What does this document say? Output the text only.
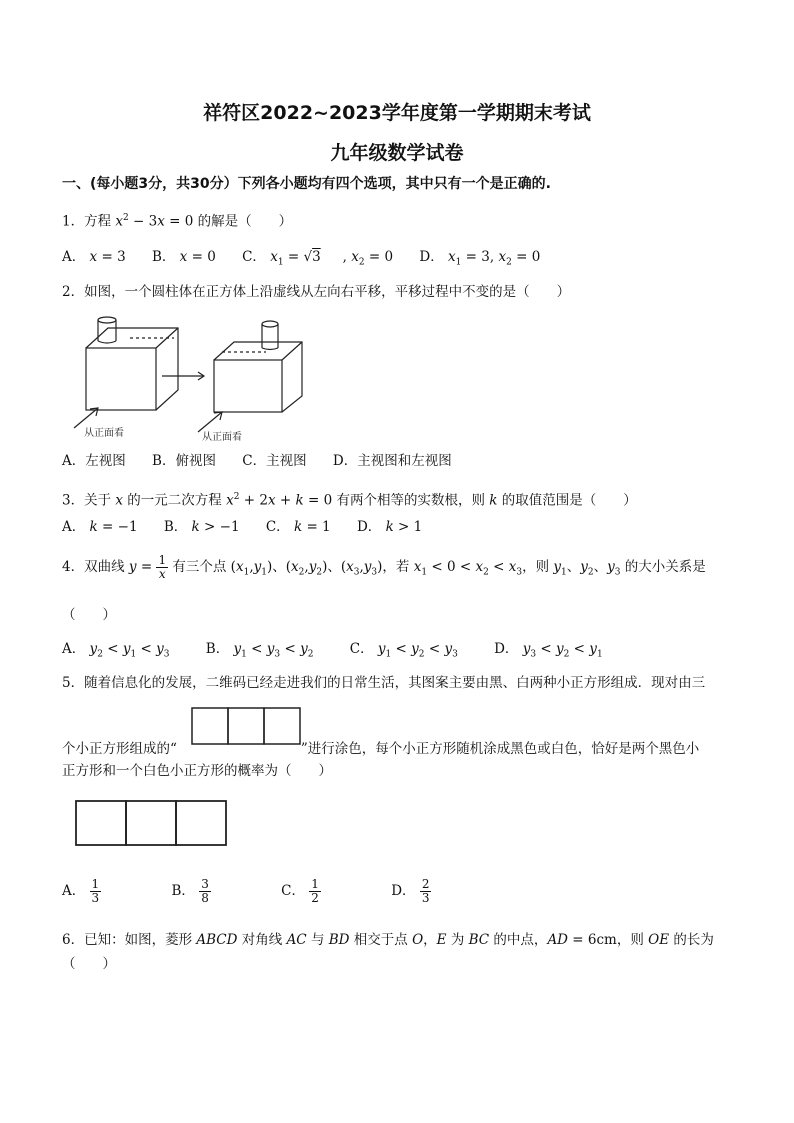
祥符区2022~2023学年度第一学期期末考试
九年级数学试卷
一、(每小题3分，共30分）下列各小题均有四个选项，其中只有一个是正确的.
1．方程 $x^2 - 3x = 0$ 的解是（　　）
A． x = 3 B． x = 0 C． $x_1 = √3$ , $x_2 = 0$ D． $x_1 = 3$, $x_2 = 0$
2．如图，一个圆柱体在正方体上沿虚线从左向右平移，平移过程中不变的是（　　）
从正面看	从正面看
A．左视图 B．俯视图 C．主视图 D．主视图和左视图
3．关于 x 的一元二次方程 $x^2 + 2x + k = 0$ 有两个相等的实数根，则 k 的取值范围是（　　）
A． k = −1 B． k > −1 C． k = 1 D． k > 1
4．双曲线 $y = \frac{1}{x}$ 有三个点 $(x_1,y_1)$、$(x_2,y_2)$、$(x_3,y_3)$，若 $x_1 < 0 < x_2 < x_3$，则 $y_1$、$y_2$、$y_3$ 的大小关系是
（　　）
A． $y_2 < y_1 < y_3$	B． $y_1 < y_3 < y_2$	C． $y_1 < y_2 < y_3$	D． $y_3 < y_2 < y_1$
5．随着信息化的发展，二维码已经走进我们的日常生活，其图案主要由黑、白两种小正方形组成．现对由三
个小正方形组成的“	”进行涂色，每个小正方形随机涂成黑色或白色，恰好是两个黑色小
正方形和一个白色小正方形的概率为（　　）
A． $\frac{1}{3}$	B． $\frac{3}{8}$	C． $\frac{1}{2}$	D． $\frac{2}{3}$
6．已知：如图，菱形 ABCD 对角线 AC 与 BD 相交于点 O，E 为 BC 的中点，AD = 6cm，则 OE 的长为
（　　）
